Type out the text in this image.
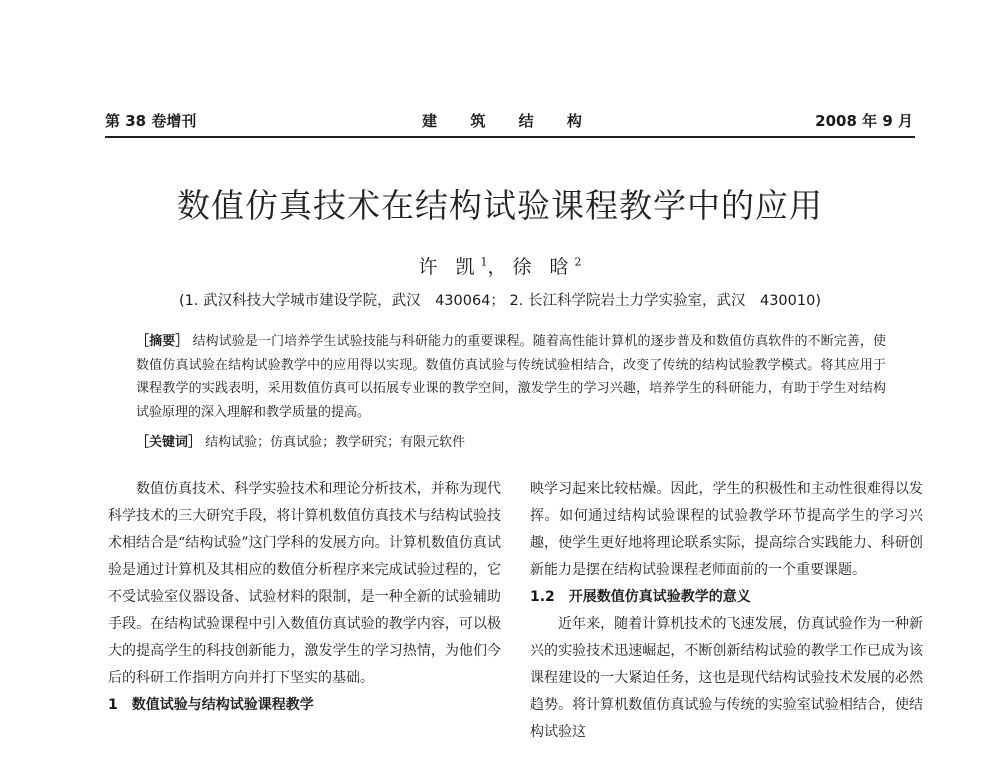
第 38 卷增刊	建 筑 结 构	2008 年 9 月
数值仿真技术在结构试验课程教学中的应用
许 凯$^1$，徐 晗$^2$
(1. 武汉科技大学城市建设学院，武汉　430064； 2. 长江科学院岩土力学实验室，武汉　430010)
［摘要］ 结构试验是一门培养学生试验技能与科研能力的重要课程。随着高性能计算机的逐步普及和数值仿真软件的不断完善，使数值仿真试验在结构试验教学中的应用得以实现。数值仿真试验与传统试验相结合，改变了传统的结构试验教学模式。将其应用于课程教学的实践表明，采用数值仿真可以拓展专业课的教学空间，激发学生的学习兴趣，培养学生的科研能力，有助于学生对结构试验原理的深入理解和教学质量的提高。
［关键词］ 结构试验；仿真试验；教学研究；有限元软件

数值仿真技术、科学实验技术和理论分析技术，并称为现代科学技术的三大研究手段，将计算机数值仿真技术与结构试验技术相结合是“结构试验”这门学科的发展方向。计算机数值仿真试验是通过计算机及其相应的数值分析程序来完成试验过程的，它不受试验室仪器设备、试验材料的限制，是一种全新的试验辅助手段。在结构试验课程中引入数值仿真试验的教学内容，可以极大的提高学生的科技创新能力，激发学生的学习热情，为他们今后的科研工作指明方向并打下坚实的基础。

1　数值试验与结构试验课程教学

映学习起来比较枯燥。因此，学生的积极性和主动性很难得以发挥。如何通过结构试验课程的试验教学环节提高学生的学习兴趣，使学生更好地将理论联系实际，提高综合实践能力、科研创新能力是摆在结构试验课程老师面前的一个重要课题。

1.2　开展数值仿真试验教学的意义

近年来，随着计算机技术的飞速发展，仿真试验作为一种新兴的实验技术迅速崛起，不断创新结构试验的教学工作已成为该课程建设的一大紧迫任务，这也是现代结构试验技术发展的必然趋势。将计算机数值仿真试验与传统的实验室试验相结合，使结构试验这
